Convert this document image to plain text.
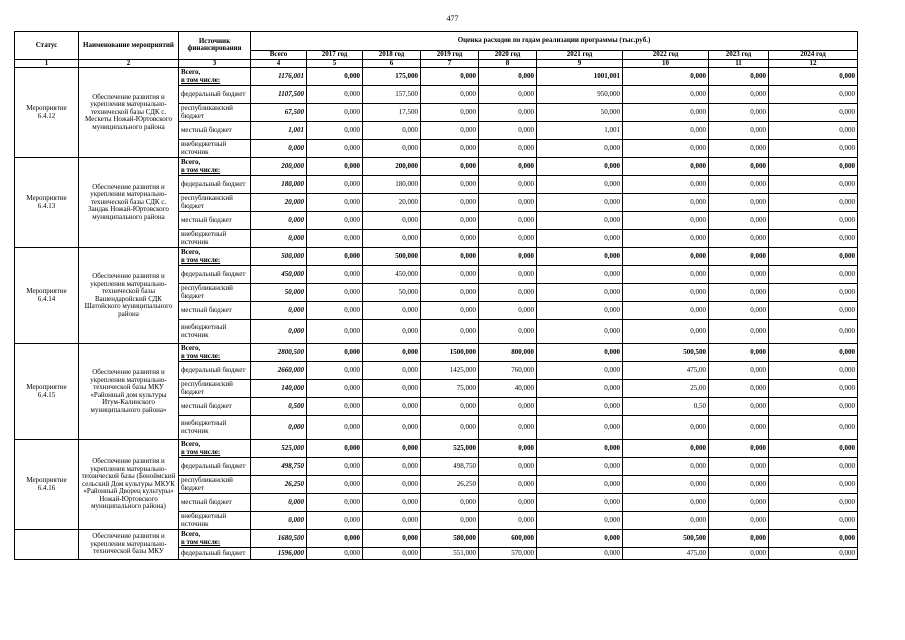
477
Статус	Наименование мероприятий	Источник финансирования	Оценка расходов по годам реализации программы (тыс.руб.)								
			Всего	2017 год	2018 год	2019 год	2020 год	2021 год	2022 год	2023 год	2024 год
1	2	3	4	5	6	7	8	9	10	11	12
Мероприятие 6.4.12	Обеспечение развития и укрепления материально-технической базы СДК с. Мескеты Ножай-Юртовского муниципального района	Всего,
в том числе:	1176,001	0,000	175,000	0,000	0,000	1001,001	0,000	0,000	0,000
		федеральный бюджет	1107,500	0,000	157,500	0,000	0,000	950,000	0,000	0,000	0,000
		республиканский бюджет	67,500	0,000	17,500	0,000	0,000	50,000	0,000	0,000	0,000
		местный бюджет	1,001	0,000	0,000	0,000	0,000	1,001	0,000	0,000	0,000
		внебюджетный источник	0,000	0,000	0,000	0,000	0,000	0,000	0,000	0,000	0,000
Мероприятие 6.4.13	Обеспечение развития и укрепления материально-технической базы СДК с. Зандак Ножай-Юртовского муниципального района	Всего,
в том числе:	200,000	0,000	200,000	0,000	0,000	0,000	0,000	0,000	0,000
		федеральный бюджет	180,000	0,000	180,000	0,000	0,000	0,000	0,000	0,000	0,000
		республиканский бюджет	20,000	0,000	20,000	0,000	0,000	0,000	0,000	0,000	0,000
		местный бюджет	0,000	0,000	0,000	0,000	0,000	0,000	0,000	0,000	0,000
		внебюджетный источник	0,000	0,000	0,000	0,000	0,000	0,000	0,000	0,000	0,000
Мероприятие 6.4.14	Обеспечение развития и укрепления материально-технической базы Вашендаройский СДК Шатойского муниципального района	Всего,
в том числе:	500,000	0,000	500,000	0,000	0,000	0,000	0,000	0,000	0,000
		федеральный бюджет	450,000	0,000	450,000	0,000	0,000	0,000	0,000	0,000	0,000
		республиканский бюджет	50,000	0,000	50,000	0,000	0,000	0,000	0,000	0,000	0,000
		местный бюджет	0,000	0,000	0,000	0,000	0,000	0,000	0,000	0,000	0,000
		внебюджетный источник	0,000	0,000	0,000	0,000	0,000	0,000	0,000	0,000	0,000
Мероприятие 6.4.15	Обеспечение развития и укрепления материально-технической базы МКУ «Районный дом культуры Итум-Калинского муниципального района»	Всего,
в том числе:	2800,500	0,000	0,000	1500,000	800,000	0,000	500,500	0,000	0,000
		федеральный бюджет	2660,000	0,000	0,000	1425,000	760,000	0,000	475,00	0,000	0,000
		республиканский бюджет	140,000	0,000	0,000	75,000	40,000	0,000	25,00	0,000	0,000
		местный бюджет	0,500	0,000	0,000	0,000	0,000	0,000	0,50	0,000	0,000
		внебюджетный источник	0,000	0,000	0,000	0,000	0,000	0,000	0,000	0,000	0,000
Мероприятие 6.4.16	Обеспечение развития и укрепления материально-технической базы (Беноймский сельский Дом культуры МКУК «Районный Дворец культуры» Ножай-Юртовского муниципального района)	Всего,
в том числе:	525,000	0,000	0,000	525,000	0,000	0,000	0,000	0,000	0,000
		федеральный бюджет	498,750	0,000	0,000	498,750	0,000	0,000	0,000	0,000	0,000
		республиканский бюджет	26,250	0,000	0,000	26,250	0,000	0,000	0,000	0,000	0,000
		местный бюджет	0,000	0,000	0,000	0,000	0,000	0,000	0,000	0,000	0,000
		внебюджетный источник	0,000	0,000	0,000	0,000	0,000	0,000	0,000	0,000	0,000
	Обеспечение развития и укрепления материально-технической базы МКУ	Всего,
в том числе:	1680,500	0,000	0,000	580,000	600,000	0,000	500,500	0,000	0,000
		федеральный бюджет	1596,000	0,000	0,000	551,000	570,000	0,000	475,00	0,000	0,000
